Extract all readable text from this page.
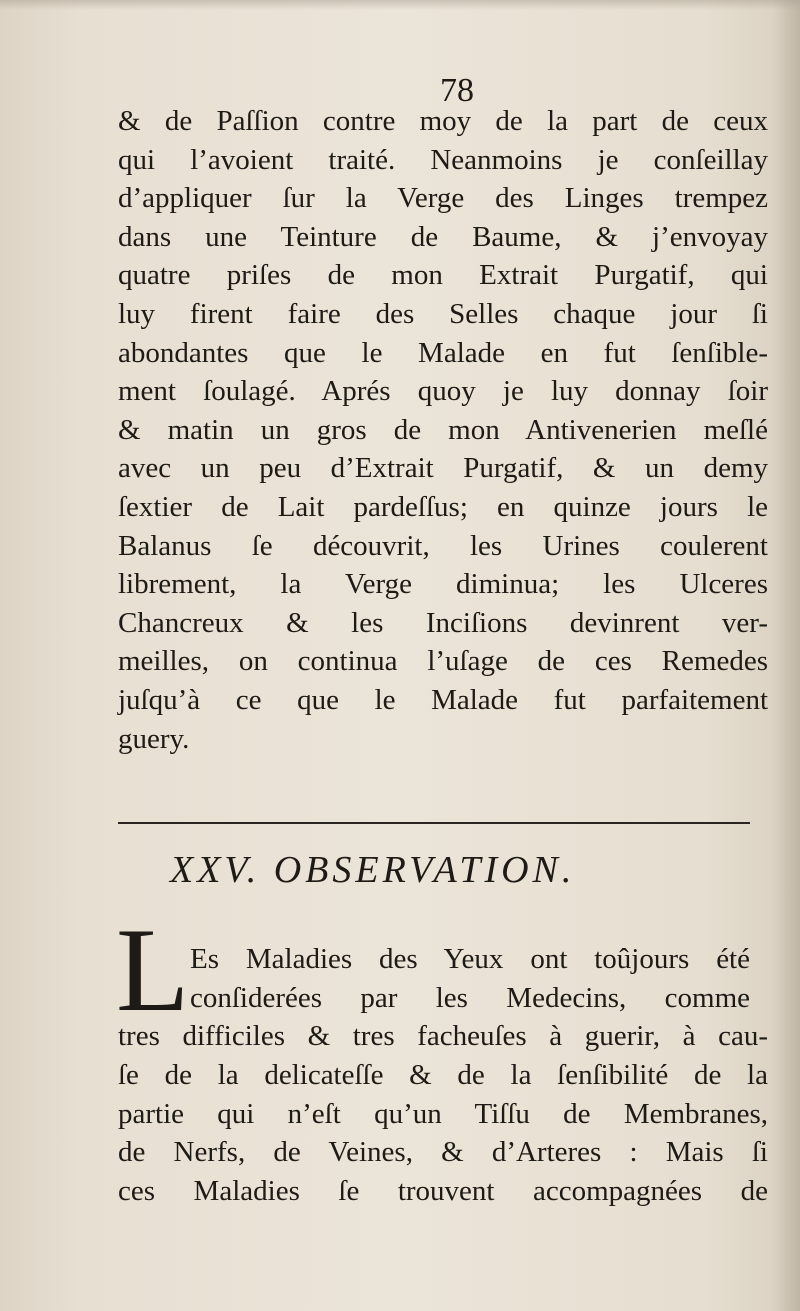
78
& de Paſſion contre moy de la part de ceux
qui l’avoient traité. Neanmoins je conſeillay
d’appliquer ſur la Verge des Linges trempez
dans une Teinture de Baume, & j’envoyay
quatre priſes de mon Extrait Purgatif, qui
luy firent faire des Selles chaque jour ſi
abondantes que le Malade en fut ſenſible-
ment ſoulagé. Aprés quoy je luy donnay ſoir
& matin un gros de mon Antivenerien meſlé
avec un peu d’Extrait Purgatif, & un demy
ſextier de Lait pardeſſus; en quinze jours le
Balanus ſe découvrit, les Urines coulerent
librement, la Verge diminua; les Ulceres
Chancreux & les Inciſions devinrent ver-
meilles, on continua l’uſage de ces Remedes
juſqu’à ce que le Malade fut parfaitement
guery.
XXV. OBSERVATION.
L Es Maladies des Yeux ont toûjours été
conſiderées par les Medecins, comme
tres difficiles & tres facheuſes à guerir, à cau-
ſe de la delicateſſe & de la ſenſibilité de la
partie qui n’eſt qu’un Tiſſu de Membranes,
de Nerfs, de Veines, & d’Arteres : Mais ſi
ces Maladies ſe trouvent accompagnées de
